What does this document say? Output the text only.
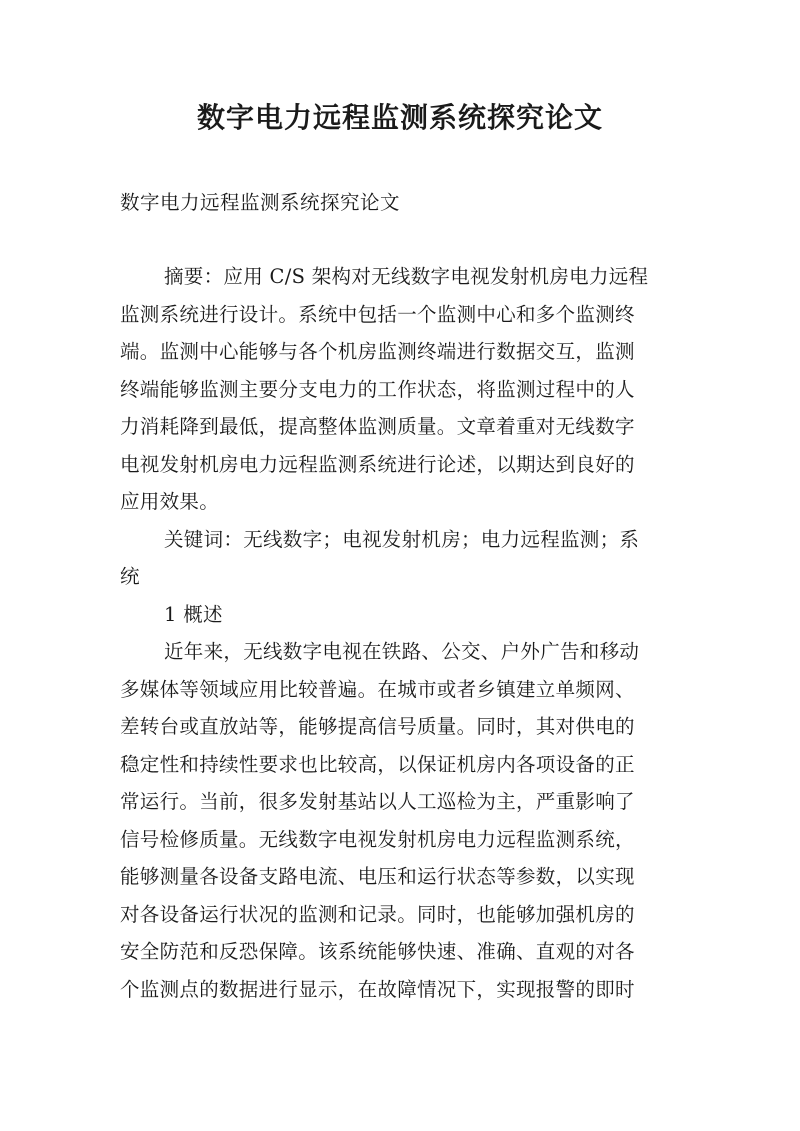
数字电力远程监测系统探究论文

数字电力远程监测系统探究论文

摘要：应用 C/S 架构对无线数字电视发射机房电力远程
监测系统进行设计。系统中包括一个监测中心和多个监测终
端。监测中心能够与各个机房监测终端进行数据交互，监测
终端能够监测主要分支电力的工作状态，将监测过程中的人
力消耗降到最低，提高整体监测质量。文章着重对无线数字
电视发射机房电力远程监测系统进行论述，以期达到良好的
应用效果。
关键词：无线数字；电视发射机房；电力远程监测；系
统
1 概述
近年来，无线数字电视在铁路、公交、户外广告和移动
多媒体等领域应用比较普遍。在城市或者乡镇建立单频网、
差转台或直放站等，能够提高信号质量。同时，其对供电的
稳定性和持续性要求也比较高，以保证机房内各项设备的正
常运行。当前，很多发射基站以人工巡检为主，严重影响了
信号检修质量。无线数字电视发射机房电力远程监测系统，
能够测量各设备支路电流、电压和运行状态等参数，以实现
对各设备运行状况的监测和记录。同时，也能够加强机房的
安全防范和反恐保障。该系统能够快速、准确、直观的对各
个监测点的数据进行显示，在故障情况下，实现报警的即时
